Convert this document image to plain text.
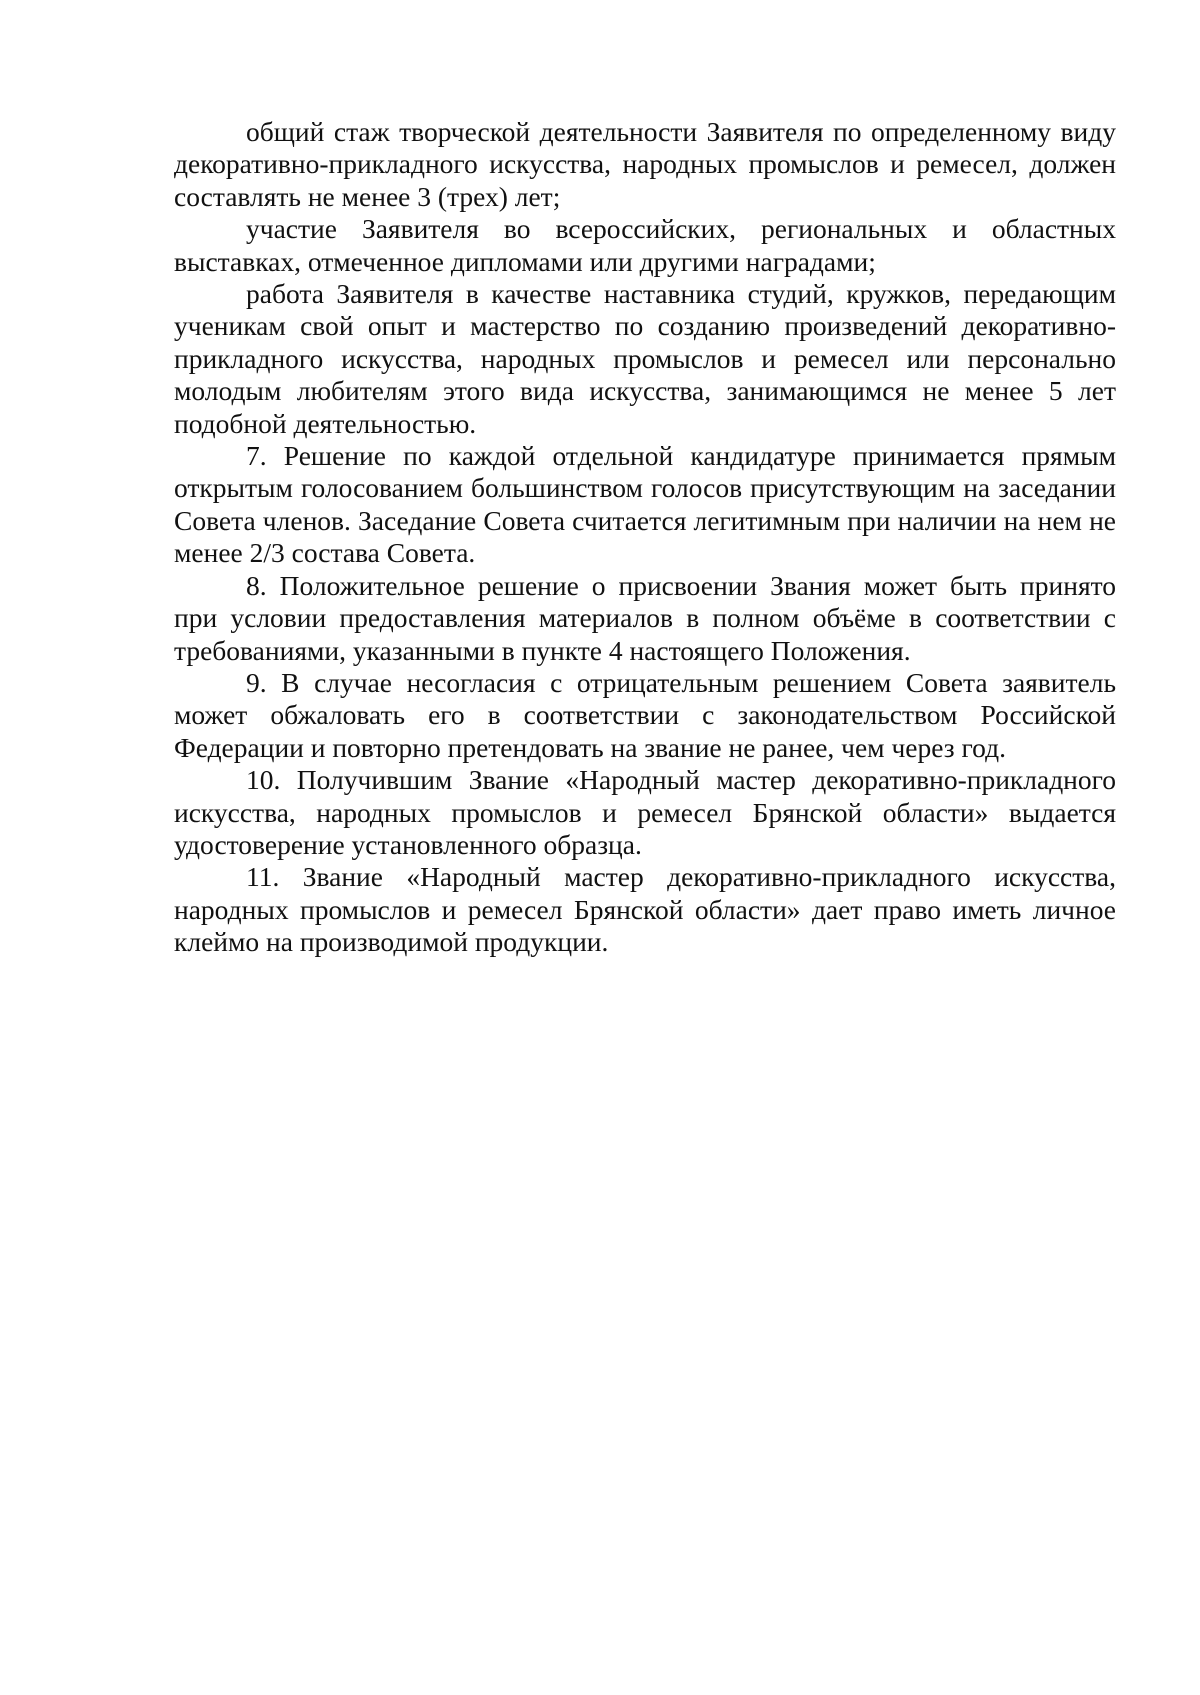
общий стаж творческой деятельности Заявителя по определенному виду декоративно-прикладного искусства, народных промыслов и ремесел, должен составлять не менее 3 (трех) лет;

участие Заявителя во всероссийских, региональных и областных выставках, отмеченное дипломами или другими наградами;

работа Заявителя в качестве наставника студий, кружков, передающим ученикам свой опыт и мастерство по созданию произведений декоративно-прикладного искусства, народных промыслов и ремесел или персонально молодым любителям этого вида искусства, занимающимся не менее 5 лет подобной деятельностью.

7. Решение по каждой отдельной кандидатуре принимается прямым открытым голосованием большинством голосов присутствующим на заседании Совета членов. Заседание Совета считается легитимным при наличии на нем не менее 2/3 состава Совета.

8. Положительное решение о присвоении Звания может быть принято при условии предоставления материалов в полном объёме в соответствии с требованиями, указанными в пункте 4 настоящего Положения.

9. В случае несогласия с отрицательным решением Совета заявитель может обжаловать его в соответствии с законодательством Российской Федерации и повторно претендовать на звание не ранее, чем через год.

10. Получившим Звание «Народный мастер декоративно-прикладного искусства, народных промыслов и ремесел Брянской области» выдается удостоверение установленного образца.

11. Звание «Народный мастер декоративно-прикладного искусства, народных промыслов и ремесел Брянской области» дает право иметь личное клеймо на производимой продукции.
